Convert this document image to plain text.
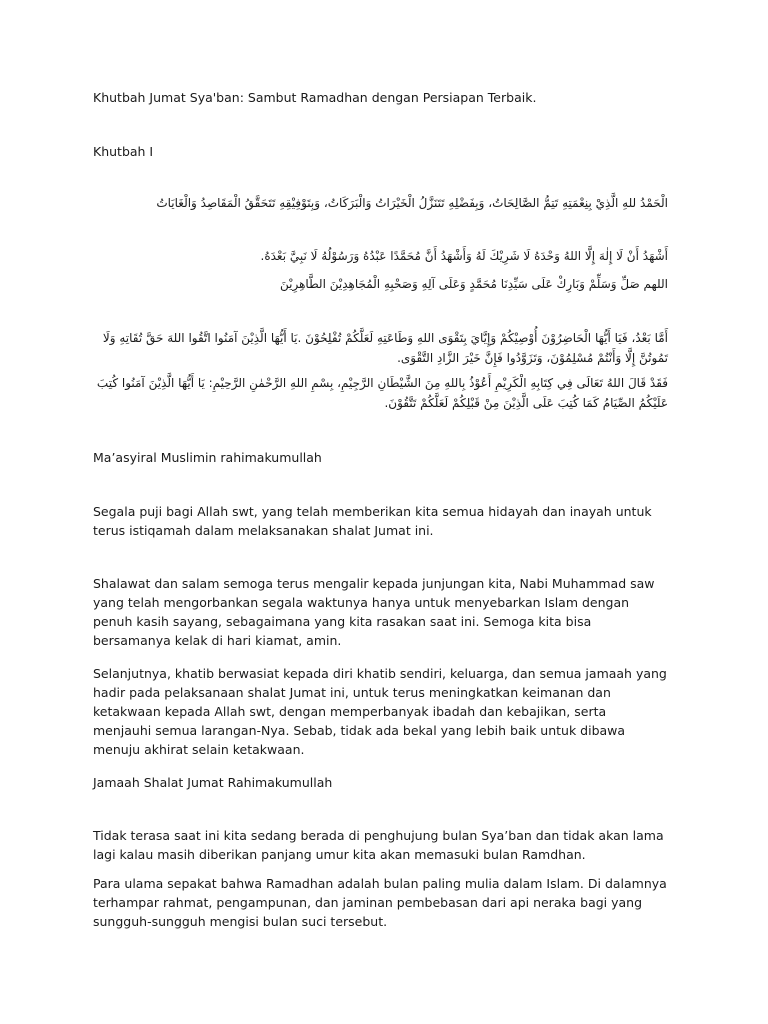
Khutbah Jumat Sya'ban: Sambut Ramadhan dengan Persiapan Terbaik.
Khutbah I
الْحَمْدُ للهِ الَّذِيْ بِنِعْمَتِهِ تَتِمُّ الصَّالِحَاتُ، وَبِفَضْلِهِ تَتَنَزَّلُ الْخَيْرَاتُ وَالْبَرَكَاتُ، وَبِتَوْفِيْقِهِ تَتَحَقَّقُ الْمَقَاصِدُ وَالْغَايَاتُ
أَشْهَدُ أَنْ لَا إِلٰهَ إِلَّا اللهُ وَحْدَهُ لَا شَرِيْكَ لَهُ وَأَشْهَدُ أَنَّ مُحَمَّدًا عَبْدُهُ وَرَسُوْلُهُ لَا نَبِيَّ بَعْدَهُ.
اللهم صَلِّ وَسَلِّمْ وَبَارِكْ عَلَى سَيِّدِنَا مُحَمَّدٍ وَعَلَى آلِهِ وَصَحْبِهِ الْمُجَاهِدِيْنَ الطَّاهِرِيْنَ
أَمَّا بَعْدُ، فَيَا أَيُّهَا الْحَاضِرُوْنَ أُوْصِيْكُمْ وَإِيَّايَ بِتَقْوَى اللهِ وَطَاعَتِهِ لَعَلَّكُمْ تُفْلِحُوْنَ .يَا أَيُّهَا الَّذِيْنَ آمَنُوا اتَّقُوا اللهَ حَقَّ تُقَاتِهِ وَلَا تَمُوتُنَّ إِلَّا وَأَنْتُمْ مُسْلِمُوْنَ، وَتَزَوَّدُوا فَإِنَّ خَيْرَ الزَّادِ التَّقْوَى.
فَقَدْ قَالَ اللهُ تَعَالَى فِي كِتَابِهِ الْكَرِيْمِ أَعُوْذُ بِاللهِ مِنَ الشَّيْطَانِ الرَّجِيْمِ، بِسْمِ اللهِ الرَّحْمٰنِ الرَّحِيْمِ: يَا أَيُّهَا الَّذِيْنَ آمَنُوا كُتِبَ عَلَيْكُمُ الصِّيَامُ كَمَا كُتِبَ عَلَى الَّذِيْنَ مِنْ قَبْلِكُمْ لَعَلَّكُمْ تَتَّقُوْنَ.
Ma’asyiral Muslimin rahimakumullah
Segala puji bagi Allah swt, yang telah memberikan kita semua hidayah dan inayah untuk terus istiqamah dalam melaksanakan shalat Jumat ini.
Shalawat dan salam semoga terus mengalir kepada junjungan kita, Nabi Muhammad saw yang telah mengorbankan segala waktunya hanya untuk menyebarkan Islam dengan penuh kasih sayang, sebagaimana yang kita rasakan saat ini. Semoga kita bisa bersamanya kelak di hari kiamat, amin.
Selanjutnya, khatib berwasiat kepada diri khatib sendiri, keluarga, dan semua jamaah yang hadir pada pelaksanaan shalat Jumat ini, untuk terus meningkatkan keimanan dan ketakwaan kepada Allah swt, dengan memperbanyak ibadah dan kebajikan, serta menjauhi semua larangan-Nya. Sebab, tidak ada bekal yang lebih baik untuk dibawa menuju akhirat selain ketakwaan.
Jamaah Shalat Jumat Rahimakumullah
Tidak terasa saat ini kita sedang berada di penghujung bulan Sya’ban dan tidak akan lama lagi kalau masih diberikan panjang umur kita akan memasuki bulan Ramdhan.
Para ulama sepakat bahwa Ramadhan adalah bulan paling mulia dalam Islam. Di dalamnya terhampar rahmat, pengampunan, dan jaminan pembebasan dari api neraka bagi yang sungguh-sungguh mengisi bulan suci tersebut.
